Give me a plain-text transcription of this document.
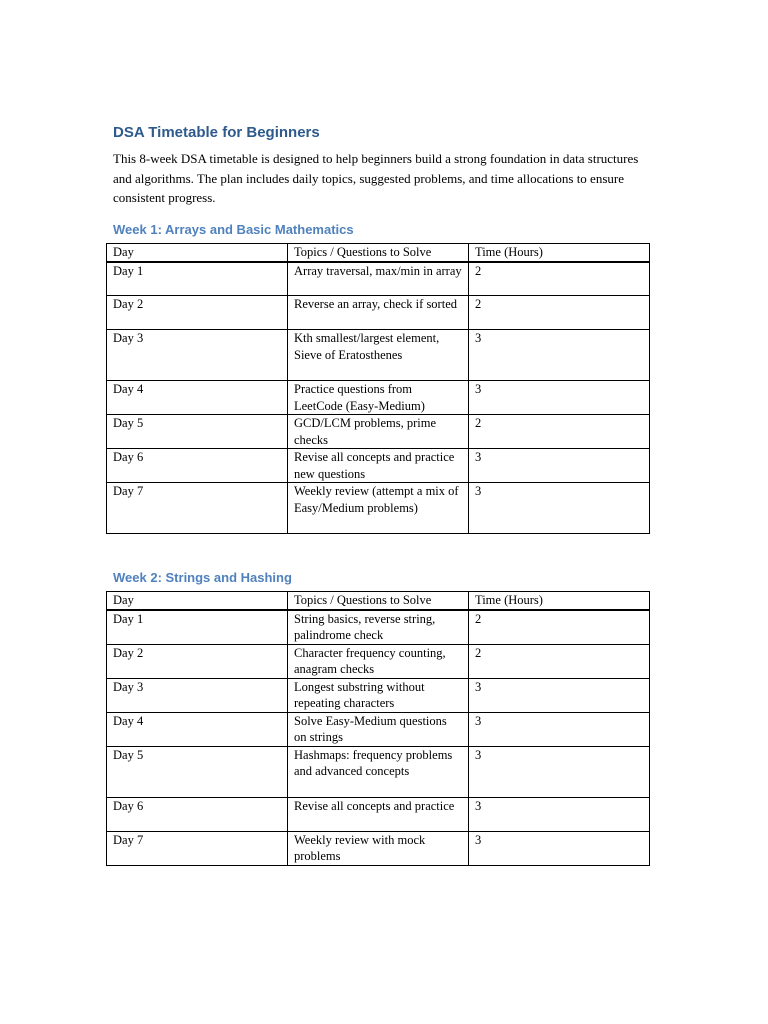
DSA Timetable for Beginners

This 8-week DSA timetable is designed to help beginners build a strong foundation in data structures and algorithms. The plan includes daily topics, suggested problems, and time allocations to ensure consistent progress.

Week 1: Arrays and Basic Mathematics
Day	Topics / Questions to Solve	Time (Hours)
Day 1	Array traversal, max/min in array	2
Day 2	Reverse an array, check if sorted	2
Day 3	Kth smallest/largest element, Sieve of Eratosthenes	3
Day 4	Practice questions from LeetCode (Easy-Medium)	3
Day 5	GCD/LCM problems, prime checks	2
Day 6	Revise all concepts and practice new questions	3
Day 7	Weekly review (attempt a mix of Easy/Medium problems)	3
Week 2: Strings and Hashing
Day	Topics / Questions to Solve	Time (Hours)
Day 1	String basics, reverse string, palindrome check	2
Day 2	Character frequency counting, anagram checks	2
Day 3	Longest substring without repeating characters	3
Day 4	Solve Easy-Medium questions on strings	3
Day 5	Hashmaps: frequency problems and advanced concepts	3
Day 6	Revise all concepts and practice	3
Day 7	Weekly review with mock problems	3
